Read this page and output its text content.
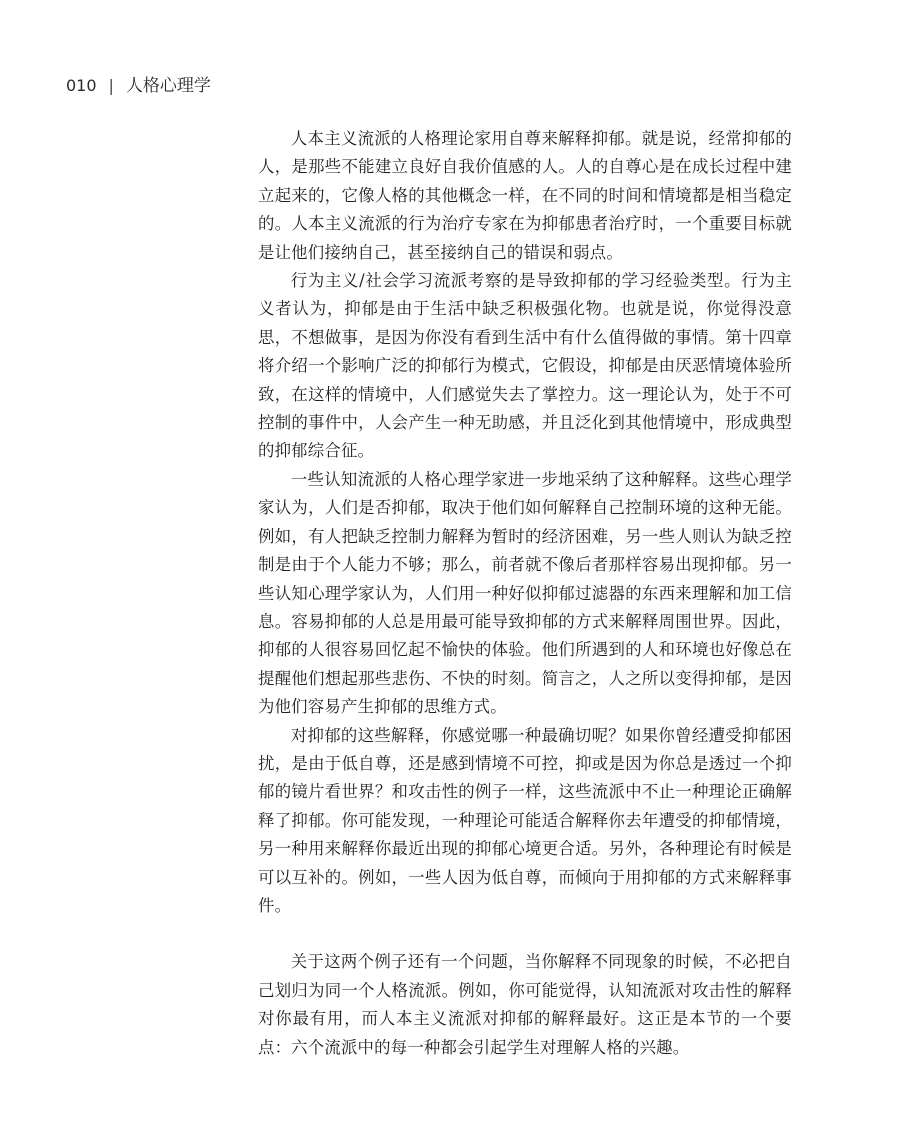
010 | 人格心理学

人本主义流派的人格理论家用自尊来解释抑郁。就是说，经常抑郁的人，是那些不能建立良好自我价值感的人。人的自尊心是在成长过程中建立起来的，它像人格的其他概念一样，在不同的时间和情境都是相当稳定的。人本主义流派的行为治疗专家在为抑郁患者治疗时，一个重要目标就是让他们接纳自己，甚至接纳自己的错误和弱点。

行为主义/社会学习流派考察的是导致抑郁的学习经验类型。行为主义者认为，抑郁是由于生活中缺乏积极强化物。也就是说，你觉得没意思，不想做事，是因为你没有看到生活中有什么值得做的事情。第十四章将介绍一个影响广泛的抑郁行为模式，它假设，抑郁是由厌恶情境体验所致，在这样的情境中，人们感觉失去了掌控力。这一理论认为，处于不可控制的事件中，人会产生一种无助感，并且泛化到其他情境中，形成典型的抑郁综合征。

一些认知流派的人格心理学家进一步地采纳了这种解释。这些心理学家认为，人们是否抑郁，取决于他们如何解释自己控制环境的这种无能。例如，有人把缺乏控制力解释为暂时的经济困难，另一些人则认为缺乏控制是由于个人能力不够；那么，前者就不像后者那样容易出现抑郁。另一些认知心理学家认为，人们用一种好似抑郁过滤器的东西来理解和加工信息。容易抑郁的人总是用最可能导致抑郁的方式来解释周围世界。因此，抑郁的人很容易回忆起不愉快的体验。他们所遇到的人和环境也好像总在提醒他们想起那些悲伤、不快的时刻。简言之，人之所以变得抑郁，是因为他们容易产生抑郁的思维方式。

对抑郁的这些解释，你感觉哪一种最确切呢？如果你曾经遭受抑郁困扰，是由于低自尊，还是感到情境不可控，抑或是因为你总是透过一个抑郁的镜片看世界？和攻击性的例子一样，这些流派中不止一种理论正确解释了抑郁。你可能发现，一种理论可能适合解释你去年遭受的抑郁情境，另一种用来解释你最近出现的抑郁心境更合适。另外，各种理论有时候是可以互补的。例如，一些人因为低自尊，而倾向于用抑郁的方式来解释事件。

关于这两个例子还有一个问题，当你解释不同现象的时候，不必把自己划归为同一个人格流派。例如，你可能觉得，认知流派对攻击性的解释对你最有用，而人本主义流派对抑郁的解释最好。这正是本节的一个要点：六个流派中的每一种都会引起学生对理解人格的兴趣。
